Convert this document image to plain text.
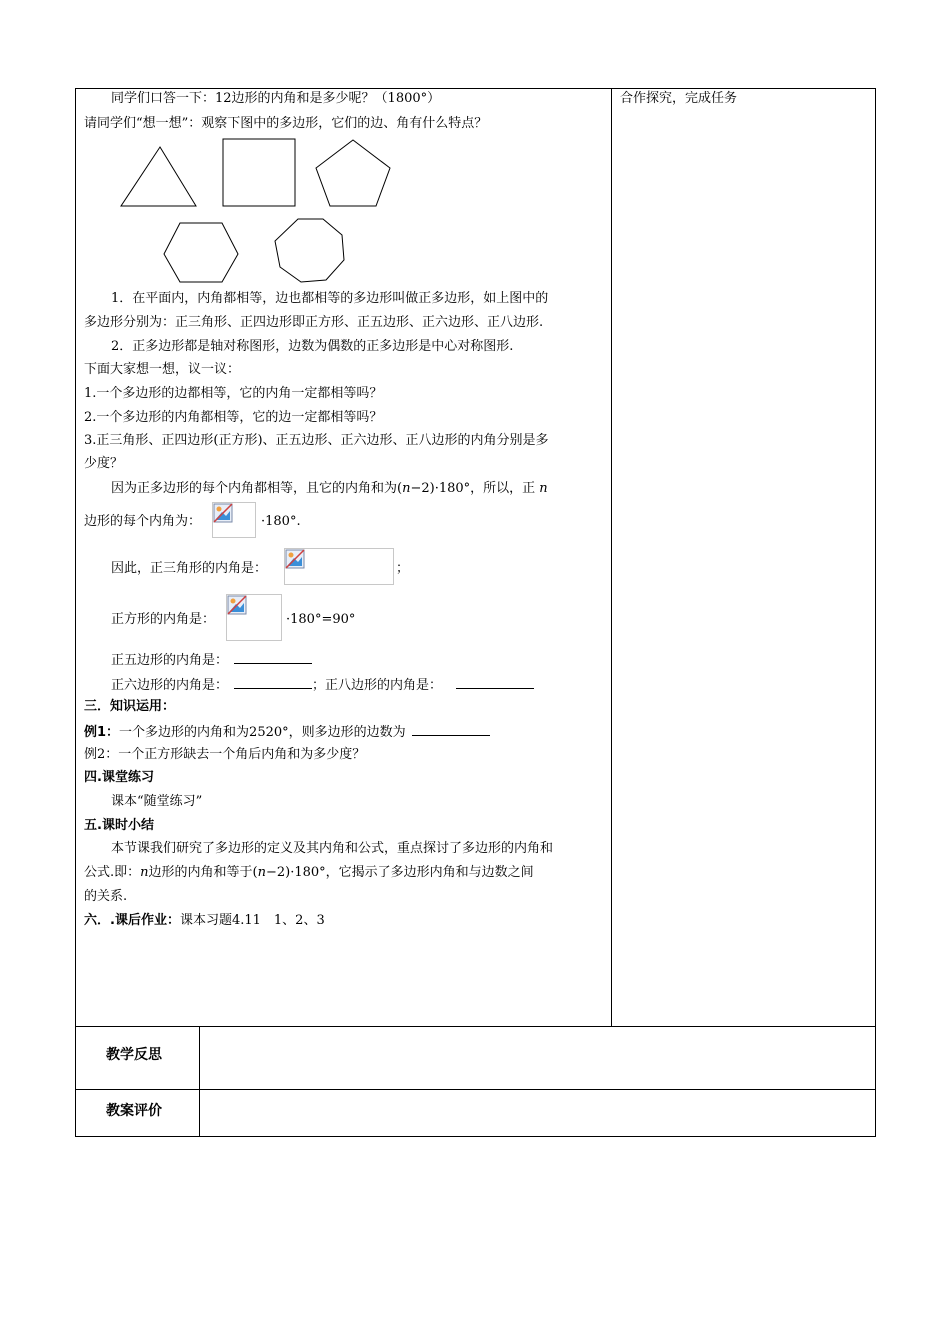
同学们口答一下：12边形的内角和是多少呢？（1800°）
请同学们“想一想”：观察下图中的多边形，它们的边、角有什么特点？
1．在平面内，内角都相等，边也都相等的多边形叫做正多边形，如上图中的
多边形分别为：正三角形、正四边形即正方形、正五边形、正六边形、正八边形.
2．正多边形都是轴对称图形，边数为偶数的正多边形是中心对称图形.
下面大家想一想，议一议：
1.一个多边形的边都相等，它的内角一定都相等吗？
2.一个多边形的内角都相等，它的边一定都相等吗？
3.正三角形、正四边形(正方形)、正五边形、正六边形、正八边形的内角分别是多
少度？
因为正多边形的每个内角都相等，且它的内角和为(n−2)·180°，所以，正 n
边形的每个内角为：	·180°.
因此，正三角形的内角是：	；
正方形的内角是：	·180°=90°
正五边形的内角是：
正六边形的内角是：	；正八边形的内角是：
三．知识运用：
例1：一个多边形的内角和为2520°，则多边形的边数为
例2：一个正方形缺去一个角后内角和为多少度？
四.课堂练习
课本“随堂练习”
五.课时小结
本节课我们研究了多边形的定义及其内角和公式，重点探讨了多边形的内角和
公式.即：n边形的内角和等于(n−2)·180°，它揭示了多边形内角和与边数之间
的关系.
六．.课后作业：课本习题4.11　1、2、3
合作探究，完成任务
教学反思
教案评价
